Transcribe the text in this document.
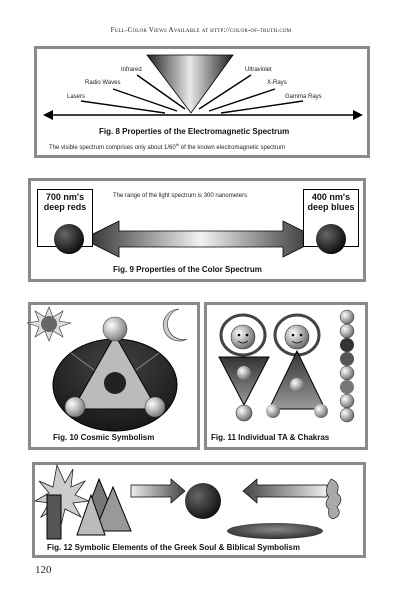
Full-Color Views Available at http://color-of-truth.com
Infrared
Radio Waves
Lasers
Ultraviolet
X-Rays
Gamma Rays
Fig. 8 Properties of the Electromagnetic Spectrum
The visible spectrum comprises only about 1/60th of the known electromagnetic spectrum
700 nm's
deep reds
400 nm's
deep blues
The range of the light spectrum is 300 nanometers
Fig. 9 Properties of the Color Spectrum
Fig. 10 Cosmic Symbolism	Fig. 11 Individual TA & Chakras
Fig. 12 Symbolic Elements of the Greek Soul & Biblical Symbolism
120
